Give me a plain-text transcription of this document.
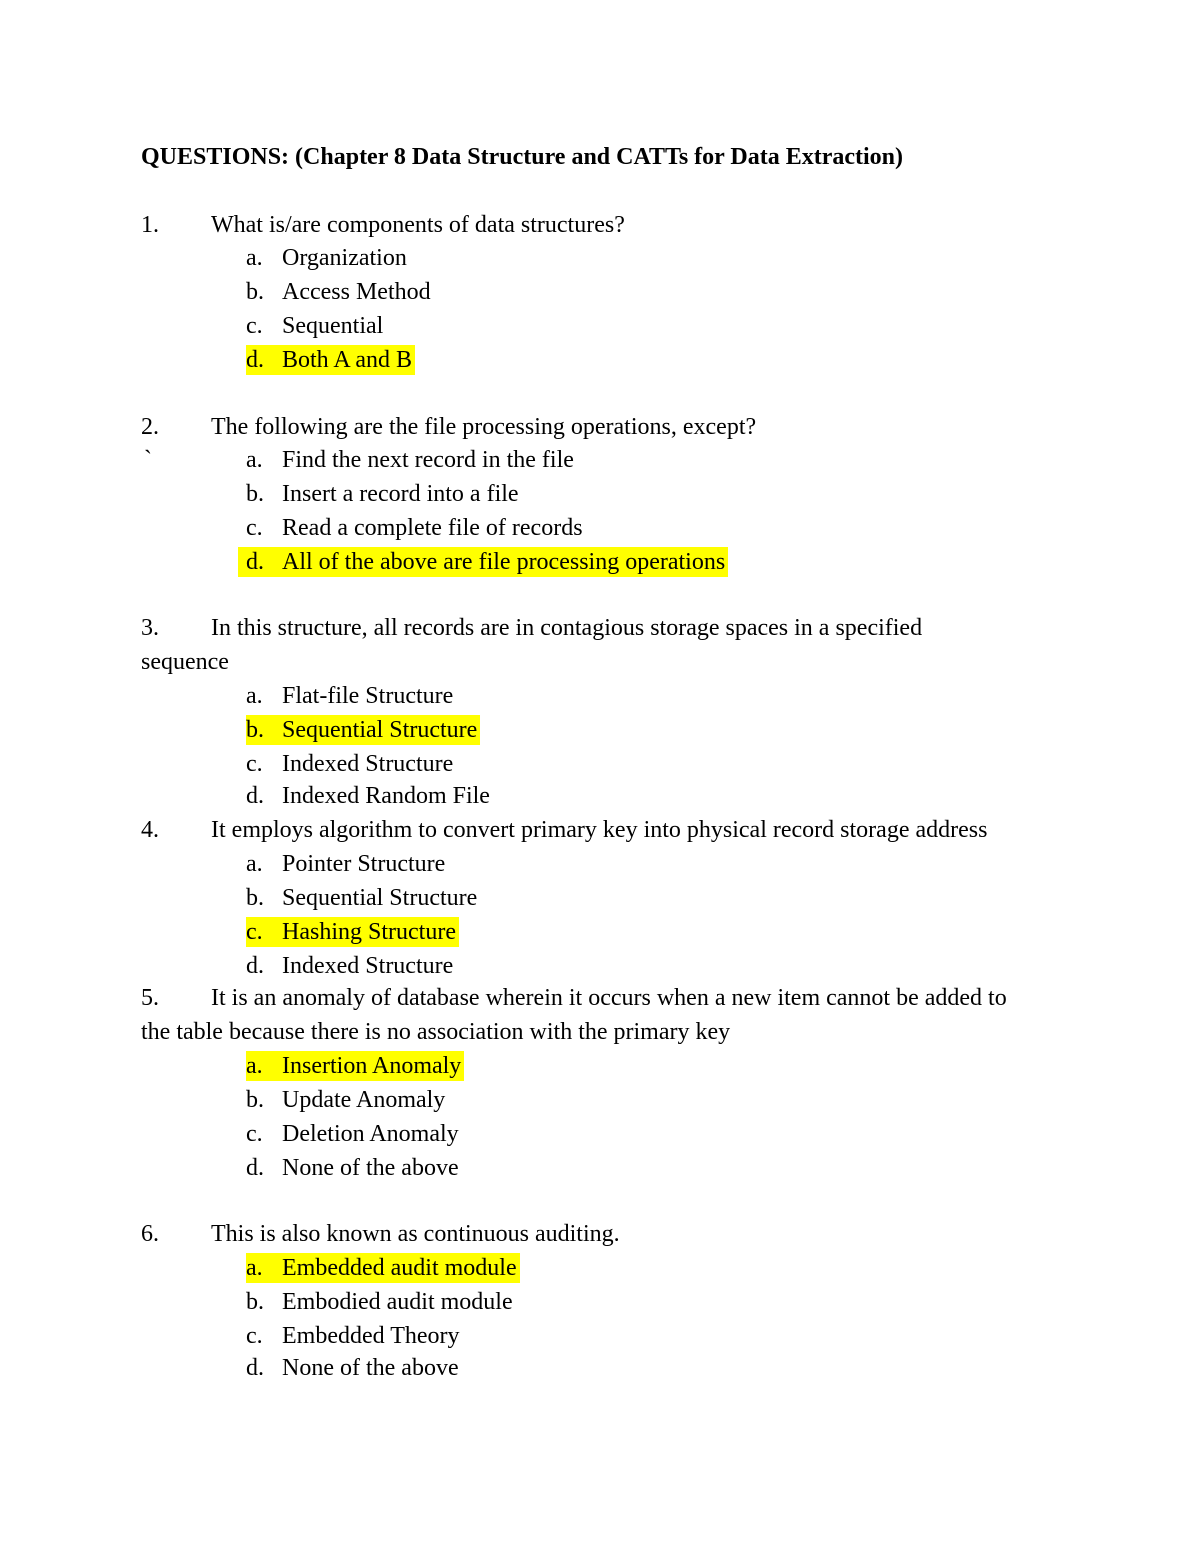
QUESTIONS: (Chapter 8 Data Structure and CATTs for Data Extraction)
1. What is/are components of data structures?
a. Organization
b. Access Method
c. Sequential
d. Both A and B
2. The following are the file processing operations, except?
`	a. Find the next record in the file
b. Insert a record into a file
c. Read a complete file of records
d. All of the above are file processing operations
3. In this structure, all records are in contagious storage spaces in a specified
sequence
a. Flat-file Structure
b. Sequential Structure
c. Indexed Structure
d. Indexed Random File
4. It employs algorithm to convert primary key into physical record storage address
a. Pointer Structure
b. Sequential Structure
c. Hashing Structure
d. Indexed Structure
5. It is an anomaly of database wherein it occurs when a new item cannot be added to
the table because there is no association with the primary key
a. Insertion Anomaly
b. Update Anomaly
c. Deletion Anomaly
d. None of the above
6. This is also known as continuous auditing.
a. Embedded audit module
b. Embodied audit module
c. Embedded Theory
d. None of the above
